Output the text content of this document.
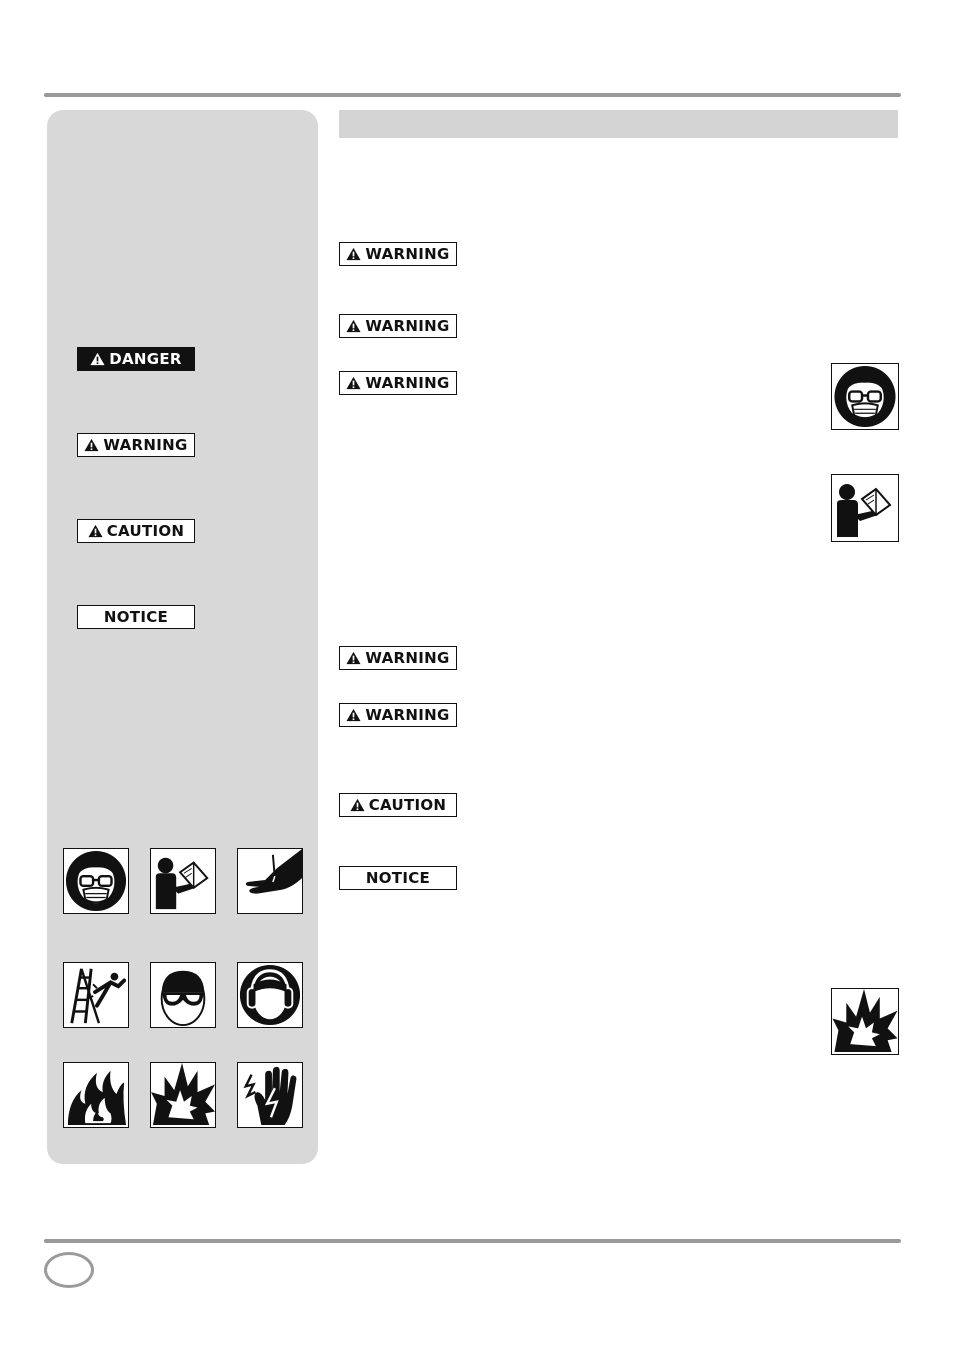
DANGER
WARNING
CAUTION
NOTICE
WARNING
WARNING
WARNING
WARNING
WARNING
CAUTION
NOTICE
